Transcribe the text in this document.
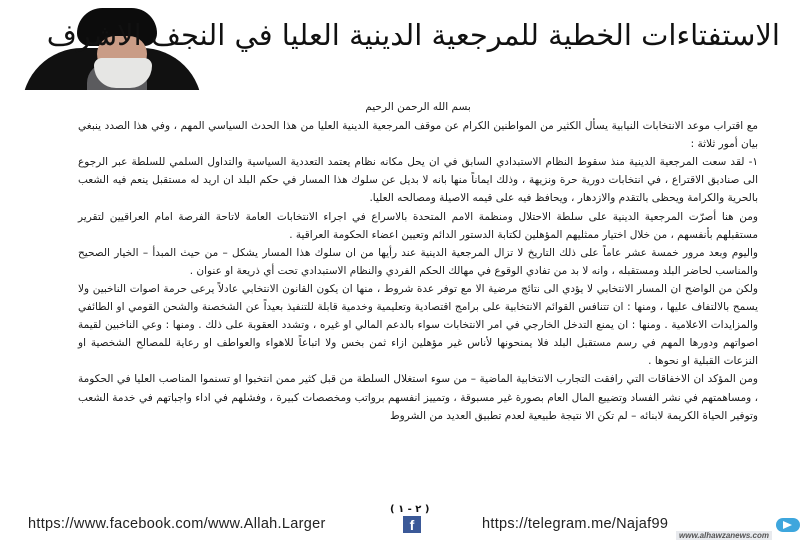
الاستفتاءات الخطية للمرجعية الدينية العليا في النجف الاشرف
بسم الله الرحمن الرحيم

مع اقتراب موعد الانتخابات النيابية يسأل الكثير من المواطنين الكرام عن موقف المرجعية الدينية العليا من هذا الحدث السياسي المهم ، وفي هذا الصدد ينبغي بيان أمور ثلاثة :

١- لقد سعت المرجعية الدينية منذ سقوط النظام الاستبدادي السابق في ان يحل مكانه نظام يعتمد التعددية السياسية والتداول السلمي للسلطة عبر الرجوع الى صناديق الاقتراع ، في انتخابات دورية حرة ونزيهة ، وذلك ايماناً منها بانه لا بديل عن سلوك هذا المسار في حكم البلد ان اريد له مستقبل ينعم فيه الشعب بالحرية والكرامة ويحظى بالتقدم والازدهار ، ويحافظ فيه على قيمه الاصيلة ومصالحه العليا.

ومن هنا أصرّت المرجعية الدينية على سلطة الاحتلال ومنظمة الامم المتحدة بالاسراع في اجراء الانتخابات العامة لاتاحة الفرصة امام العراقيين لتقرير مستقبلهم بأنفسهم ، من خلال اختيار ممثليهم المؤهلين لكتابة الدستور الدائم وتعيين اعضاء الحكومة العراقية .

واليوم وبعد مرور خمسة عشر عاماً على ذلك التاريخ لا تزال المرجعية الدينية عند رأيها من ان سلوك هذا المسار يشكل – من حيث المبدأ – الخيار الصحيح والمناسب لحاضر البلد ومستقبله ، وانه لا بد من تفادي الوقوع في مهالك الحكم الفردي والنظام الاستبدادي تحت أي ذريعة او عنوان .

ولكن من الواضح ان المسار الانتخابي لا يؤدي الى نتائج مرضية الا مع توفر عدة شروط ، منها ان يكون القانون الانتخابي عادلاً يرعى حرمة اصوات الناخبين ولا يسمح بالالتفاف عليها ، ومنها : ان تتنافس القوائم الانتخابية على برامج اقتصادية وتعليمية وخدمية قابلة للتنفيذ بعيداً عن الشخصنة والشحن القومي او الطائفي والمزايدات الاعلامية . ومنها : ان يمنع التدخل الخارجي في امر الانتخابات سواء بالدعم المالي او غيره ، وتشدد العقوبة على ذلك . ومنها : وعي الناخبين لقيمة اصواتهم ودورها المهم في رسم مستقبل البلد فلا يمنحونها لأناس غير مؤهلين ازاء ثمن بخس ولا اتباعاً للاهواء والعواطف او رعاية للمصالح الشخصية او النزعات القبلية او نحوها .

ومن المؤكد ان الاخفاقات التي رافقت التجارب الانتخابية الماضية – من سوء استغلال السلطة من قبل كثير ممن انتخبوا او تسنموا المناصب العليا في الحكومة ، ومساهمتهم في نشر الفساد وتضييع المال العام بصورة غير مسبوقة ، وتمييز انفسهم برواتب ومخصصات كبيرة ، وفشلهم في اداء واجباتهم في خدمة الشعب وتوفير الحياة الكريمة لابنائه – لم تكن الا نتيجة طبيعية لعدم تطبيق العديد من الشروط

( ٢ - ١ )
https://www.facebook.com/www.Allah.Larger	f	https://telegram.me/Najaf99
www.alhawzanews.com
